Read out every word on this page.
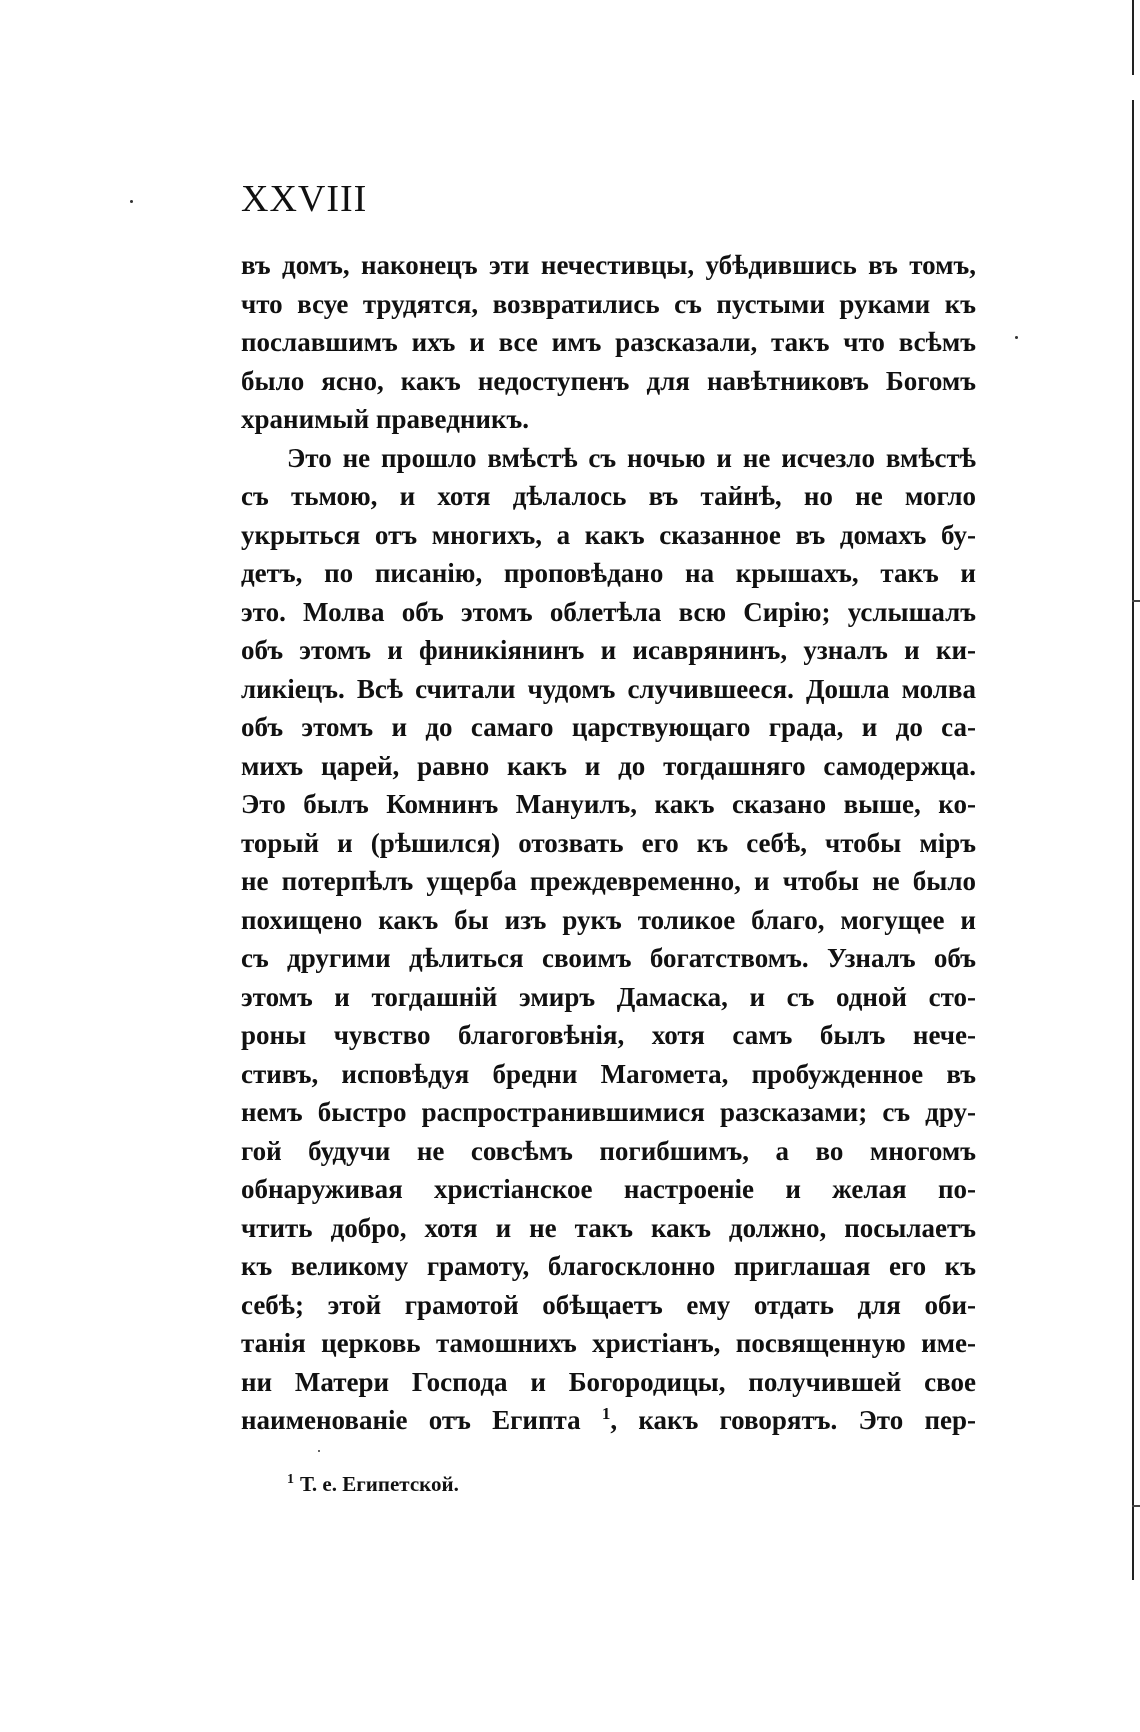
XXVIII
въ домъ, наконецъ эти нечестивцы, убѣдившись въ томъ,
что всуе трудятся, возвратились съ пустыми руками къ
пославшимъ ихъ и все имъ разсказали, такъ что всѣмъ
было ясно, какъ недоступенъ для навѣтниковъ Богомъ
хранимый праведникъ.
Это не прошло вмѣстѣ съ ночью и не исчезло вмѣстѣ
съ тьмою, и хотя дѣлалось въ тайнѣ, но не могло
укрыться отъ многихъ, а какъ сказанное въ домахъ бу-
детъ, по писанію, проповѣдано на крышахъ, такъ и
это. Молва объ этомъ облетѣла всю Сирію; услышалъ
объ этомъ и финикіянинъ и исаврянинъ, узналъ и ки-
ликіецъ. Всѣ считали чудомъ случившееся. Дошла молва
объ этомъ и до самаго царствующаго града, и до са-
михъ царей, равно какъ и до тогдашняго самодержца.
Это былъ Комнинъ Мануилъ, какъ сказано выше, ко-
торый и (рѣшился) отозвать его къ себѣ, чтобы міръ
не потерпѣлъ ущерба преждевременно, и чтобы не было
похищено какъ бы изъ рукъ толикое благо, могущее и
съ другими дѣлиться своимъ богатствомъ. Узналъ объ
этомъ и тогдашній эмиръ Дамаска, и съ одной сто-
роны чувство благоговѣнія, хотя самъ былъ нече-
стивъ, исповѣдуя бредни Магомета, пробужденное въ
немъ быстро распространившимися разсказами; съ дру-
гой будучи не совсѣмъ погибшимъ, а во многомъ
обнаруживая христіанское настроеніе и желая по-
чтить добро, хотя и не такъ какъ должно, посылаетъ
къ великому грамоту, благосклонно приглашая его къ
себѣ; этой грамотой обѣщаетъ ему отдать для оби-
танія церковь тамошнихъ христіанъ, посвященную име-
ни Матери Господа и Богородицы, получившей свое
наименованіе отъ Египта $^1$, какъ говорятъ. Это пер-
$^1$ Т. е. Египетской.
